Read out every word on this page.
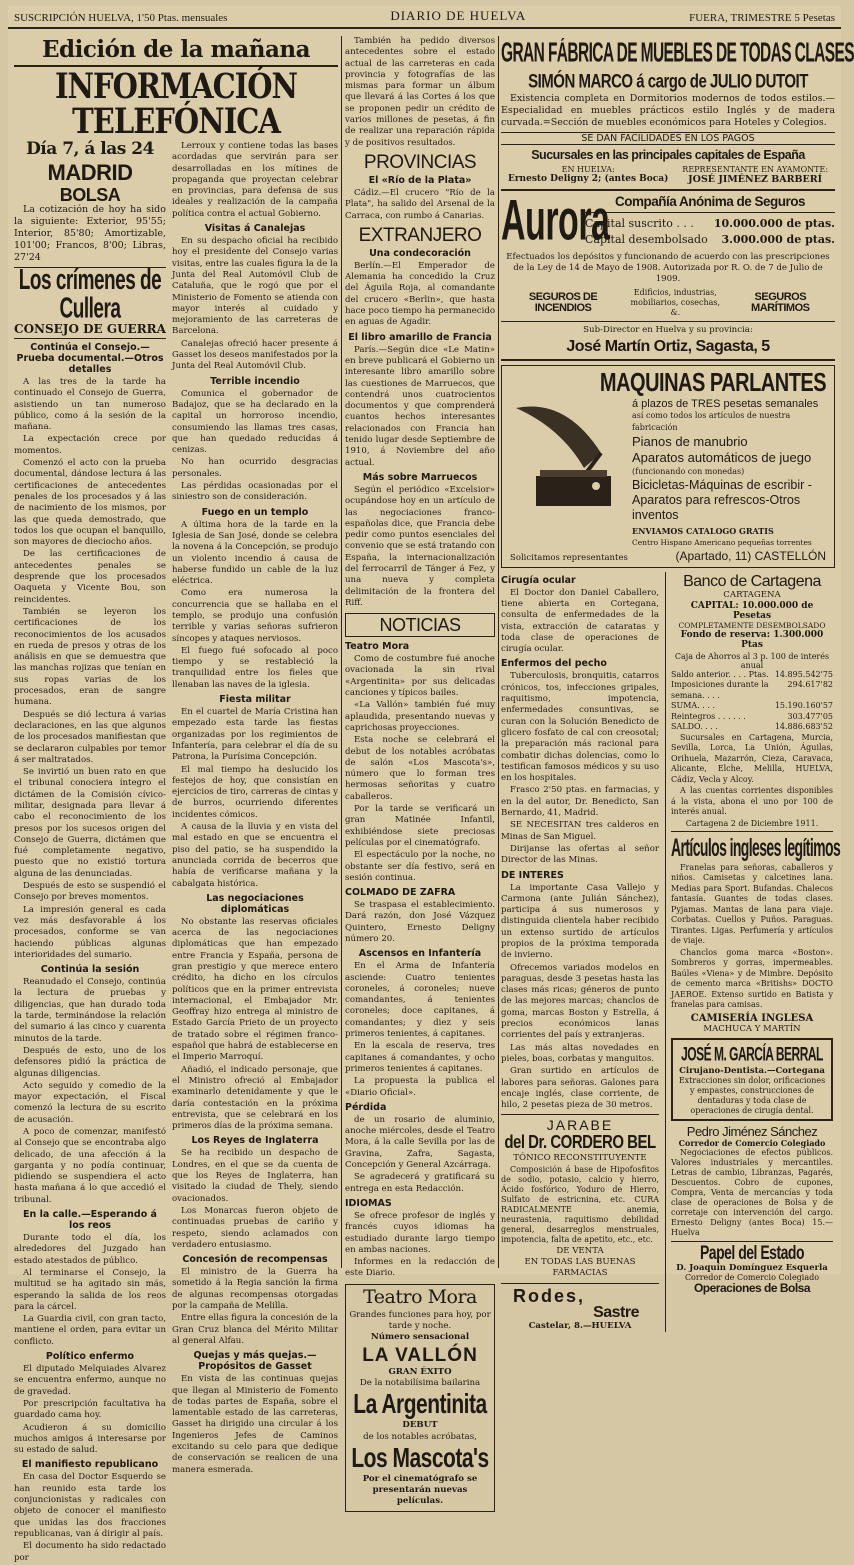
SUSCRIPCIÓN HUELVA, 1'50 Ptas. mensuales	DIARIO DE HUELVA	FUERA, TRIMESTRE 5 Pesetas
Edición de la mañana
INFORMACIÓN TELEFÓNICA
Día 7, á las 24
MADRID
BOLSA

La cotización de hoy ha sido la siguiente: Exterior, 95'55; Interior, 85'80; Amortizable, 101'00; Francos, 8'00; Libras, 27'24

Los crímenes de Cullera
CONSEJO DE GUERRA
Continúa el Consejo.—Prueba documental.—Otros detalles

A las tres de la tarde ha continuado el Consejo de Guerra, asistiendo un tan numeroso público, como á la sesión de la mañana.

La expectación crece por momentos.

Comenzó el acto con la prueba documental, dándose lectura á las certificaciones de antecedentes penales de los procesados y á las de nacimiento de los mismos, por las que queda demostrado, que todos los que ocupan el banquillo, son mayores de dieciocho años.

De las certificaciones de antecedentes penales se desprende que los procesados Oaqueta y Vicente Bou, son reincidentes.

También se leyeron los certificaciones de los reconocimientos de los acusados en rueda de presos y otras de los análisis en que se demuestra que las manchas rojizas que tenían en sus ropas varias de los procesados, eran de sangre humana.

Después se dió lectura á varias declaraciones, en las que algunos de los procesados manifiestan que se declararon culpables por temor á ser maltratados.

Se invirtió un buen rato en que el tribunal conociera íntegro el dictámen de la Comisión cívico-militar, designada para llevar á cabo el reconocimiento de los presos por los sucesos origen del Consejo de Guerra, dictámen que fué completamente negativo, puesto que no existió tortura alguna de las denunciadas.

Después de esto se suspendió el Consejo por breves momentos.

La impresión general es cada vez más desfavorable á los procesados, conforme se van haciendo públicas algunas interioridades del sumario.

Continúa la sesión

Reanudado el Consejo, continúa la lectura de pruebas y diligencias, que han durado toda la tarde, terminándose la relación del sumario á las cinco y cuarenta minutos de la tarde.

Después de esto, uno de los defensores pidió la práctica de algunas diligencias.

Acto seguido y comedio de la mayor expectación, el Fiscal comenzó la lectura de su escrito de acusación.

A poco de comenzar, manifestó al Consejo que se encontraba algo delicado, de una afección á la garganta y no podía continuar, pidiendo se suspendiera el acto hasta mañana á lo que accedió el tribunal.

En la calle.—Esperando á los reos

Durante todo el día, los alrededores del Juzgado han estado atestados de público.

Al terminarse el Consejo, la multitud se ha agitado sin más, esperando la salida de los reos para la cárcel.

La Guardia civil, con gran tacto, mantiene el orden, para evitar un conflicto.

Político enfermo

El diputado Melquiades Alvarez se encuentra enfermo, aunque no de gravedad.

Por prescripción facultativa ha guardado cama hoy.

Acudieron á su domicilio muchos amigos á interesarse por su estado de salud.

El manifiesto republicano

En casa del Doctor Esquerdo se han reunido esta tarde los conjuncionistas y radicales con objeto de conocer el manifiesto que unidas las dos fracciones republicanas, van á dirigir al país.

El documento ha sido redactado por

Lerroux y contiene todas las bases acordadas que servirán para ser desarrolladas en los mítines de propaganda que proyectan celebrar en provincias, para defensa de sus ideales y realización de la campaña política contra el actual Gobierno.

Visitas á Canalejas

En su despacho oficial ha recibido hoy el presidente del Consejo varias visitas, entre las cuales figura la de la Junta del Real Automóvil Club de Cataluña, que le rogó que por el Ministerio de Fomento se atienda con mayor interés al cuidado y mejoramiento de las carreteras de Barcelona.

Canalejas ofreció hacer presente á Gasset los deseos manifestados por la Junta del Real Automóvil Club.

Terrible incendio

Comunica el gobernador de Badajoz, que se ha declarado en la capital un horroroso incendio, consumiendo las llamas tres casas, que han quedado reducidas á cenizas.

No han ocurrido desgracias personales.

Las pérdidas ocasionadas por el siniestro son de consideración.

Fuego en un templo

A última hora de la tarde en la Iglesia de San José, donde se celebra la novena á la Concepción, se produjo un violento incendio á causa de haberse fundido un cable de la luz eléctrica.

Como era numerosa la concurrencia que se hallaba en el templo, se produjo una confusión terrible y varias señoras sufrieron síncopes y ataques nerviosos.

El fuego fué sofocado al poco tiempo y se restableció la tranquilidad entre los fieles que llenaban las naves de la iglesia.

Fiesta militar

En el cuartel de María Cristina han empezado esta tarde las fiestas organizadas por los regimientos de Infantería, para celebrar el día de su Patrona, la Purísima Concepción.

El mal tiempo ha deslucido los festejos de hoy, que consistían en ejercicios de tiro, carreras de cintas y de burros, ocurriendo diferentes incidentes cómicos.

A causa de la lluvia y en vista del mal estado en que se encuentra el piso del patio, se ha suspendido la anunciada corrida de becerros que había de verificarse mañana y la cabalgata histórica.

Las negociaciones diplomáticas

No obstante las reservas oficiales acerca de las negociaciones diplomáticas que han empezado entre Francia y España, persona de gran prestigio y que merece entero crédito, ha dicho en los círculos políticos que en la primer entrevista internacional, el Embajador Mr. Geoffray hizo entrega al ministro de Estado García Prieto de un proyecto de tratado sobre el régimen franco-español que habrá de establecerse en el Imperio Marroquí.

Añadió, el indicado personaje, que el Ministro ofreció al Embajador examinarlo detenidamente y que le daría contestación en la próxima entrevista, que se celebrará en los primeros días de la próxima semana.

Los Reyes de Inglaterra

Se ha recibido un despacho de Londres, en el que se da cuenta de que los Reyes de Inglaterra, han visitado la ciudad de Thely, siendo ovacionados.

Los Monarcas fueron objeto de continuadas pruebas de cariño y respeto, siendo aclamados con verdadero entusiasmo.

Concesión de recompensas

El ministro de la Guerra ha sometido á la Regia sanción la firma de algunas recompensas otorgadas por la campaña de Melilla.

Entre ellas figura la concesión de la Gran Cruz blanca del Mérito Militar al general Alfau.

Quejas y más quejas.—Propósitos de Gasset

En vista de las continuas quejas que llegan al Ministerio de Fomento de todas partes de España, sobre el lamentable estado de las carreteras, Gasset ha dirigido una circular á los Ingenieros Jefes de Caminos excitando su celo para que dedique de conservación se realicen de una manera esmerada.

También ha pedido diversos antecedentes sobre el estado actual de las carreteras en cada provincia y fotografías de las mismas para formar un álbum que llevará á las Cortes á los que se proponen pedir un crédito de varios millones de pesetas, á fin de realizar una reparación rápida y de positivos resultados.

PROVINCIAS
El «Río de la Plata»

Cádiz.—El crucero "Río de la Plata", ha salido del Arsenal de la Carraca, con rumbo á Canarias.

EXTRANJERO
Una condecoración

Berlín.—El Emperador de Alemania ha concedido la Cruz del Águila Roja, al comandante del crucero «Berlin», que hasta hace poco tiempo ha permanecido en aguas de Agadir.

El libro amarillo de Francia

París.—Según dice «Le Matin» en breve publicará el Gobierno un interesante libro amarillo sobre las cuestiones de Marruecos, que contendrá unos cuatrocientos documentos y que comprenderá cuantos hechos interesantes relacionados con Francia han tenido lugar desde Septiembre de 1910, á Noviembre del año actual.

Más sobre Marruecos

Según el periódico «Excelsior» ocupándose hoy en un artículo de las negociaciones franco-españolas dice, que Francia debe pedir como puntos esenciales del convenio que se está tratando con España, la internacionalización del ferrocarril de Tánger á Fez, y una nueva y completa delimitación de la frontera del Riff.

NOTICIAS
Teatro Mora

Como de costumbre fué anoche ovacionada la sin rival «Argentinita» por sus delicadas canciones y típicos bailes.

«La Vallón» también fué muy aplaudida, presentando nuevas y caprichosas proyecciones.

Esta noche se celebrará el debut de los notables acróbatas de salón «Los Mascota's», número que lo forman tres hermosas señoritas y cuatro caballeros.

Por la tarde se verificará un gran Matinée Infantil, exhibiéndose siete preciosas películas por el cinematógrafo.

El espectáculo por la noche, no obstante ser día festivo, será en sesión continua.

COLMADO DE ZAFRA

Se traspasa el establecimiento. Dará razón, don José Vázquez Quintero, Ernesto Deligny número 20.

Ascensos en Infantería

En el Arma de Infantería asciende: Cuatro tenientes coroneles, á coroneles; nueve comandantes, á tenientes coroneles; doce capitanes, á comandantes; y diez y seis primeros tenientes, á capitanes.

En la escala de reserva, tres capitanes á comandantes, y ocho primeros tenientes á capitanes.

La propuesta la publica el «Diario Oficial».

Pérdida

de un rosario de aluminio, anoche miércoles, desde el Teatro Mora, á la calle Sevilla por las de Gravina, Zafra, Sagasta, Concepción y General Azcárraga.

Se agradecerá y gratificará su entrega en esta Redacción.

IDIOMAS

Se ofrece profesor de inglés y francés cuyos idiomas ha estudiado durante largo tiempo en ambas naciones.

Informes en la redacción de este Diario.

Teatro Mora
Grandes funciones para hoy, por tarde y noche.
Número sensacional
LA VALLÓN
GRAN ÉXITO
De la notabilísima bailarina
La Argentinita
DEBUT
de los notables acróbatas,
Los Mascota's
Por el cinematógrafo se presentarán nuevas películas.
GRAN FÁBRICA DE MUEBLES DE TODAS CLASES
SIMÓN MARCO á cargo de JULIO DUTOIT

Existencia completa en Dormitorios modernos de todos estilos.—Especialidad en muebles prácticos estilo Inglés y de madera curvada.=Sección de muebles económicos para Hoteles y Colegios.

SE DAN FACILIDADES EN LOS PAGOS
Sucursales en las principales capitales de España
EN HUELVA:
Ernesto Deligny 2; (antes Boca)
REPRESENTANTE EN AYAMONTE:
JOSÉ JIMÉNEZ BARBERÍ
Aurora Compañía Anónima de Seguros
Capital suscrito . . . 10.000.000 de ptas.
Capital desembolsado 3.000.000 de ptas.

Efectuados los depósitos y funcionando de acuerdo con las prescripciones de la Ley de 14 de Mayo de 1908. Autorizada por R. O. de 7 de Julio de 1909.

SEGUROS DE INCENDIOS
Edificios, industrias, mobiliarios, cosechas, &.
SEGUROS MARÍTIMOS
Sub-Director en Huelva y su provincia:
José Martín Ortiz, Sagasta, 5
MAQUINAS PARLANTES
á plazos de TRES pesetas semanales
así como todos los artículos de nuestra fabricación
Pianos de manubrio
Aparatos automáticos de juego
(funcionando con monedas)
Bicicletas-Máquinas de escribir - Aparatos para refrescos-Otros inventos
ENVIAMOS CATALOGO GRATIS
Centro Hispano Americano pequeñas torrentes
Solicitamos representantes	(Apartado, 11) CASTELLÓN
Cirugía ocular

El Doctor don Daniel Caballero, tiene abierta en Cortegana, consulta de enfermedades de la vista, extracción de cataratas y toda clase de operaciones de cirugía ocular.

Enfermos del pecho

Tuberculosis, bronquitis, catarros crónicos, tos, infecciones gripales, raquitismo, impotencia, enfermedades consuntivas, se curan con la Solución Benedicto de glicero fosfato de cal con creosotal; la preparación más racional para combatir dichas dolencias, como lo testifican famosos médicos y su uso en los hospitales.

Frasco 2'50 ptas. en farmacias, y en la del autor, Dr. Benedicto, San Bernardo, 41, Madrid.

SE NECESITAN tres calderos en Minas de San Miguel.

Dirijanse las ofertas al señor Director de las Minas.

DE INTERES

La importante Casa Vallejo y Carmona (ante Julián Sánchez), participa á sus numerosos y distinguida clientela haber recibido un extenso surtido de artículos propios de la próxima temporada de invierno.

Ofrecemos variados modelos en paraguas, desde 3 pesetas hasta las clases más ricas; géneros de punto de las mejores marcas; chanclos de goma, marcas Boston y Estrella, á precios económicos lanas corrientes del país y extranjeras.

Las más altas novedades en pieles, boas, corbatas y manguitos.

Gran surtido en artículos de labores para señoras. Galones para encaje inglés, clase corriente, de hilo, 2 pesetas pieza de 30 metros.

JARABE
del Dr. CORDERO BEL
TÓNICO RECONSTITUYENTE

Composición á base de Hipofosfitos de sodio, potasio, calcio y hierro, Ácido fosfórico, Yoduro de Hierro, Sulfato de estricnina, etc. CURA RADICALMENTE anemia, neurastenia, raquitismo debilidad general, desarreglos menstruales, impotencia, falta de apetito, etc., etc.

DE VENTA
EN TODAS LAS BUENAS FARMACIAS
Rodes,
Sastre
Castelar, 8.—HUELVA
Banco de Cartagena
CARTAGENA
CAPITAL: 10.000.000 de Pesetas
COMPLETAMENTE DESEMBOLSADO
Fondo de reserva: 1.300.000 Ptas
Caja de Ahorros al 3 p. 100 de interés anual
Saldo anterior. . . . Ptas. 14.895.542'75
Imposiciones durante la semana. . . .
294.617'82
SUMA. . . .	15.190.160'57
Reintegros . . . . . .	303.477'05
SALDO. . . .	14.886.683'52

Sucursales en Cartagena, Murcia, Sevilla, Lorca, La Unión, Águilas, Orihuela, Mazarrón, Cieza, Caravaca, Alicante, Elche, Melilla, HUELVA, Cádiz, Vecla y Alcoy.

A las cuentas corrientes disponibles á la vista, abona el uno por 100 de interés anual.

Cartagena 2 de Diciembre 1911.
Artículos ingleses legítimos

Franelas para señoras, caballeros y niños. Camisetas y calcetines lana. Medias para Sport. Bufandas. Chalecos fantasía. Guantes de todas clases. Pyjamas. Mantas de lana para viaje. Corbatas. Cuellos y Puños. Paraguas. Tirantes. Ligas. Perfumería y artículos de viaje.

Chanclos goma marca «Boston». Sombreros y gorras, impermeables. Baúles «Viena» y de Mimbre. Depósito de cemento marca «Britishs» DOCTO JAEROE. Extenso surtido en Batista y franelas para camisas.

CAMISERÍA INGLESA
MACHUCA Y MARTÍN
JOSÉ M. GARCÍA BERRAL
Cirujano-Dentista.—Cortegana
Extracciones sin dolor, orificaciones y empastes, construcciones de dentaduras y toda clase de operaciones de cirugía dental.
Pedro Jiménez Sánchez
Corredor de Comercio Colegiado

Negociaciones de efectos públicos. Valores industriales y mercantiles. Letras de cambio, Libranzas, Pagarés, Descuentos. Cobro de cupones, Compra, Venta de mercancías y toda clase de operaciones de Bolsa y de corretaje con intervención del cargo. Ernesto Deligny (antes Boca) 15.—Huelva

Papel del Estado
D. Joaquín Domínguez Esquerla
Corredor de Comercio Colegiado
Operaciones de Bolsa
